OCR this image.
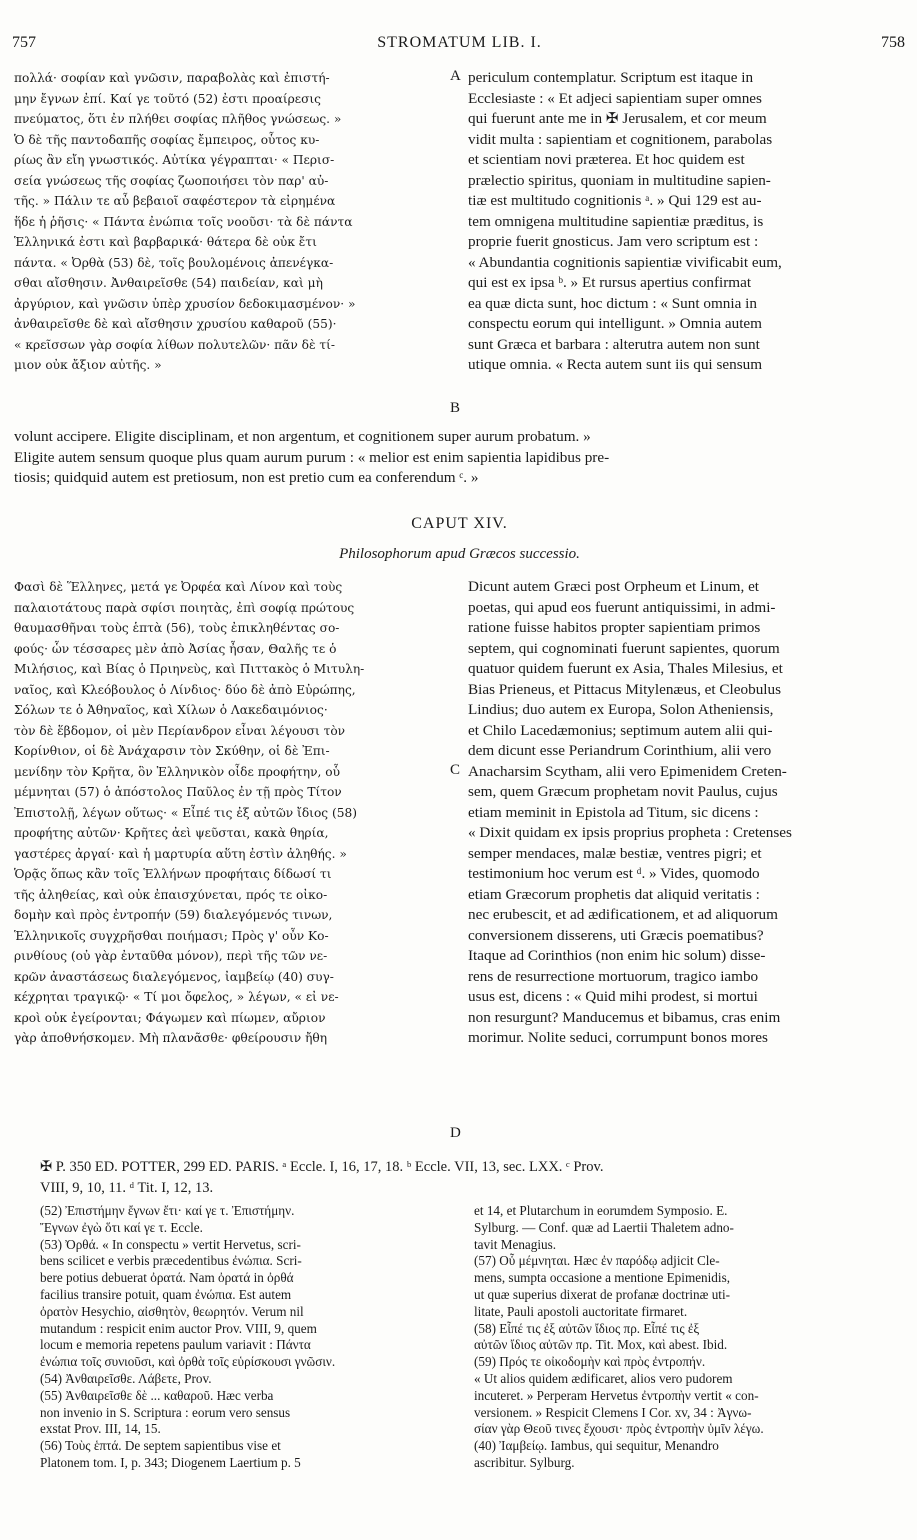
757	STROMATUM LIB. I.	758
πολλά· σοφίαν καὶ γνῶσιν, παραβολὰς καὶ ἐπιστή-
μην ἔγνων ἐπί. Καί γε τοῦτό (52) ἐστι προαίρεσις
πνεύματος, ὅτι ἐν πλήθει σοφίας πλῆθος γνώσεως. »
Ὁ δὲ τῆς παντοδαπῆς σοφίας ἔμπειρος, οὗτος κυ-
ρίως ἂν εἴη γνωστικός. Αὐτίκα γέγραπται· « Περισ-
σεία γνώσεως τῆς σοφίας ζωοποιήσει τὸν παρ' αὐ-
τῆς. » Πάλιν τε αὖ βεβαιοῖ σαφέστερον τὰ εἰρημένα
ἥδε ἡ ῥῆσις· « Πάντα ἐνώπια τοῖς νοοῦσι· τὰ δὲ πάντα
Ἑλληνικά ἐστι καὶ βαρβαρικά· θάτερα δὲ οὐκ ἔτι
πάντα. « Ὀρθὰ (53) δὲ, τοῖς βουλομένοις ἀπενέγκα-
σθαι αἴσθησιν. Ἀνθαιρεῖσθε (54) παιδείαν, καὶ μὴ
ἀργύριον, καὶ γνῶσιν ὑπὲρ χρυσίον δεδοκιμασμένον· »
ἀνθαιρεῖσθε δὲ καὶ αἴσθησιν χρυσίου καθαροῦ (55)·
« κρεῖσσων γὰρ σοφία λίθων πολυτελῶν· πᾶν δὲ τί-
μιον οὐκ ἄξιον αὐτῆς. »
A
B
periculum contemplatur. Scriptum est itaque in
Ecclesiaste : « Et adjeci sapientiam super omnes
qui fuerunt ante me in ✠ Jerusalem, et cor meum
vidit multa : sapientiam et cognitionem, parabolas
et scientiam novi præterea. Et hoc quidem est
prælectio spiritus, quoniam in multitudine sapien-
tiæ est multitudo cognitionis ᵃ. » Qui 129 est au-
tem omnigena multitudine sapientiæ præditus, is
proprie fuerit gnosticus. Jam vero scriptum est :
« Abundantia cognitionis sapientiæ vivificabit eum,
qui est ex ipsa ᵇ. » Et rursus apertius confirmat
ea quæ dicta sunt, hoc dictum : « Sunt omnia in
conspectu eorum qui intelligunt. » Omnia autem
sunt Græca et barbara : alterutra autem non sunt
utique omnia. « Recta autem sunt iis qui sensum
volunt accipere. Eligite disciplinam, et non argentum, et cognitionem super aurum probatum. »
Eligite autem sensum quoque plus quam aurum purum : « melior est enim sapientia lapidibus pre-
tiosis; quidquid autem est pretiosum, non est pretio cum ea conferendum ᶜ. »
CAPUT XIV.
Philosophorum apud Græcos successio.
Φασὶ δὲ Ἕλληνες, μετά γε Ὀρφέα καὶ Λίνον καὶ τοὺς
παλαιοτάτους παρὰ σφίσι ποιητὰς, ἐπὶ σοφίᾳ πρώτους
θαυμασθῆναι τοὺς ἑπτὰ (56), τοὺς ἐπικληθέντας σο-
φούς· ὧν τέσσαρες μὲν ἀπὸ Ἀσίας ἦσαν, Θαλῆς τε ὁ
Μιλήσιος, καὶ Βίας ὁ Πριηνεὺς, καὶ Πιττακὸς ὁ Μιτυλη-
ναῖος, καὶ Κλεόβουλος ὁ Λίνδιος· δύο δὲ ἀπὸ Εὐρώπης,
Σόλων τε ὁ Ἀθηναῖος, καὶ Χίλων ὁ Λακεδαιμόνιος·
τὸν δὲ ἕβδομον, οἱ μὲν Περίανδρον εἶναι λέγουσι τὸν
Κορίνθιον, οἱ δὲ Ἀνάχαρσιν τὸν Σκύθην, οἱ δὲ Ἐπι-
μενίδην τὸν Κρῆτα, ὃν Ἑλληνικὸν οἶδε προφήτην, οὗ
μέμνηται (57) ὁ ἀπόστολος Παῦλος ἐν τῇ πρὸς Τίτον
Ἐπιστολῇ, λέγων οὕτως· « Εἶπέ τις ἐξ αὐτῶν ἴδιος (58)
προφήτης αὐτῶν· Κρῆτες ἀεὶ ψεῦσται, κακὰ θηρία,
γαστέρες ἀργαί· καὶ ἡ μαρτυρία αὕτη ἐστὶν ἀληθής. »
Ὁρᾷς ὅπως κἂν τοῖς Ἑλλήνων προφήταις δίδωσί τι
τῆς ἀληθείας, καὶ οὐκ ἐπαισχύνεται, πρός τε οἰκο-
δομὴν καὶ πρὸς ἐντροπήν (59) διαλεγόμενός τινων,
Ἑλληνικοῖς συγχρῆσθαι ποιήμασι; Πρὸς γ' οὖν Κο-
ρινθίους (οὐ γὰρ ἐνταῦθα μόνον), περὶ τῆς τῶν νε-
κρῶν ἀναστάσεως διαλεγόμενος, ἰαμβείῳ (40) συγ-
κέχρηται τραγικῷ· « Τί μοι ὄφελος, » λέγων, « εἰ νε-
κροὶ οὐκ ἐγείρονται; Φάγωμεν καὶ πίωμεν, αὔριον
γὰρ ἀποθνήσκομεν. Μὴ πλανᾶσθε· φθείρουσιν ἤθη
C
D
Dicunt autem Græci post Orpheum et Linum, et
poetas, qui apud eos fuerunt antiquissimi, in admi-
ratione fuisse habitos propter sapientiam primos
septem, qui cognominati fuerunt sapientes, quorum
quatuor quidem fuerunt ex Asia, Thales Milesius, et
Bias Prieneus, et Pittacus Mitylenæus, et Cleobulus
Lindius; duo autem ex Europa, Solon Atheniensis,
et Chilo Lacedæmonius; septimum autem alii qui-
dem dicunt esse Periandrum Corinthium, alii vero
Anacharsim Scytham, alii vero Epimenidem Creten-
sem, quem Græcum prophetam novit Paulus, cujus
etiam meminit in Epistola ad Titum, sic dicens :
« Dixit quidam ex ipsis proprius propheta : Cretenses
semper mendaces, malæ bestiæ, ventres pigri; et
testimonium hoc verum est ᵈ. » Vides, quomodo
etiam Græcorum prophetis dat aliquid veritatis :
nec erubescit, et ad ædificationem, et ad aliquorum
conversionem disserens, uti Græcis poematibus?
Itaque ad Corinthios (non enim hic solum) disse-
rens de resurrectione mortuorum, tragico iambo
usus est, dicens : « Quid mihi prodest, si mortui
non resurgunt? Manducemus et bibamus, cras enim
morimur. Nolite seduci, corrumpunt bonos mores
✠ P. 350 ED. POTTER, 299 ED. PARIS. ᵃ Eccle. I, 16, 17, 18. ᵇ Eccle. VII, 13, sec. LXX. ᶜ Prov.
VIII, 9, 10, 11. ᵈ Tit. I, 12, 13.
(52) Ἐπιστήμην ἔγνων ἔτι· καί γε τ. Ἐπιστήμην.
Ἔγνων ἐγὼ ὅτι καί γε τ. Eccle.
(53) Ὀρθά. « In conspectu » vertit Hervetus, scri-
bens scilicet e verbis præcedentibus ἐνώπια. Scri-
bere potius debuerat ὀρατά. Nam ὀρατά in ὀρθά
facilius transire potuit, quam ἐνώπια. Est autem
ὀρατὸν Hesychio, αἰσθητὸν, θεωρητόν. Verum nil
mutandum : respicit enim auctor Prov. VIII, 9, quem
locum e memoria repetens paulum variavit : Πάντα
ἐνώπια τοῖς συνιοῦσι, καὶ ὀρθὰ τοῖς εὑρίσκουσι γνῶσιν.
(54) Ἀνθαιρεῖσθε. Λάβετε, Prov.
(55) Ἀνθαιρεῖσθε δὲ ... καθαροῦ. Hæc verba
non invenio in S. Scriptura : eorum vero sensus
exstat Prov. III, 14, 15.
(56) Τοὺς ἑπτά. De septem sapientibus vise et
Platonem tom. I, p. 343; Diogenem Laertium p. 5
et 14, et Plutarchum in eorumdem Symposio. E.
Sylburg. — Conf. quæ ad Laertii Thaletem adno-
tavit Menagius.
(57) Οὗ μέμνηται. Hæc ἐν παρόδῳ adjicit Cle-
mens, sumpta occasione a mentione Epimenidis,
ut quæ superius dixerat de profanæ doctrinæ uti-
litate, Pauli apostoli auctoritate firmaret.
(58) Εἶπέ τις ἐξ αὐτῶν ἴδιος πρ. Εἶπέ τις ἐξ
αὐτῶν ἴδιος αὐτῶν πρ. Tit. Mox, καὶ abest. Ibid.
(59) Πρός τε οἰκοδομὴν καὶ πρὸς ἐντροπήν.
« Ut alios quidem ædificaret, alios vero pudorem
incuteret. » Perperam Hervetus ἐντροπὴν vertit « con-
versionem. » Respicit Clemens I Cor. xv, 34 : Ἀγνω-
σίαν γὰρ Θεοῦ τινες ἔχουσι· πρὸς ἐντροπὴν ὑμῖν λέγω.
(40) Ἰαμβείῳ. Iambus, qui sequitur, Menandro
ascribitur. Sylburg.
